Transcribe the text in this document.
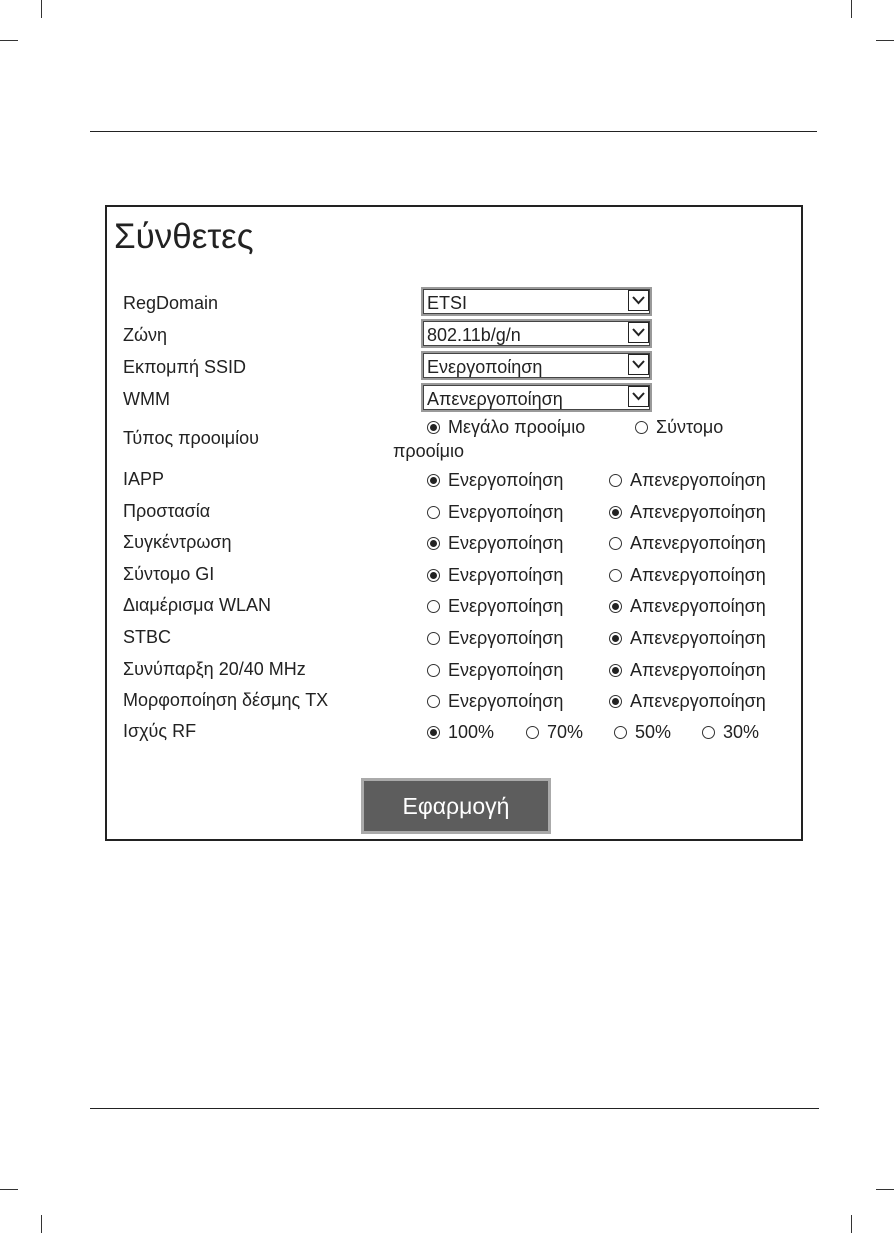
Σύνθετες
RegDomain	ETSI
Ζώνη	802.11b/g/n
Εκπομπή SSID	Ενεργοποίηση
WMM	Απενεργοποίηση
Τύπος προοιμίου
Μεγάλο προοίμιο	Σύντομο
προοίμιο
IAPP	Ενεργοποίηση	Απενεργοποίηση
Προστασία	Ενεργοποίηση	Απενεργοποίηση
Συγκέντρωση	Ενεργοποίηση	Απενεργοποίηση
Σύντομο GI	Ενεργοποίηση	Απενεργοποίηση
Διαμέρισμα WLAN	Ενεργοποίηση	Απενεργοποίηση
STBC	Ενεργοποίηση	Απενεργοποίηση
Συνύπαρξη 20/40 MHz	Ενεργοποίηση	Απενεργοποίηση
Μορφοποίηση δέσμης TX	Ενεργοποίηση	Απενεργοποίηση
Ισχύς RF	100%	70%	50%	30%
Εφαρμογή
